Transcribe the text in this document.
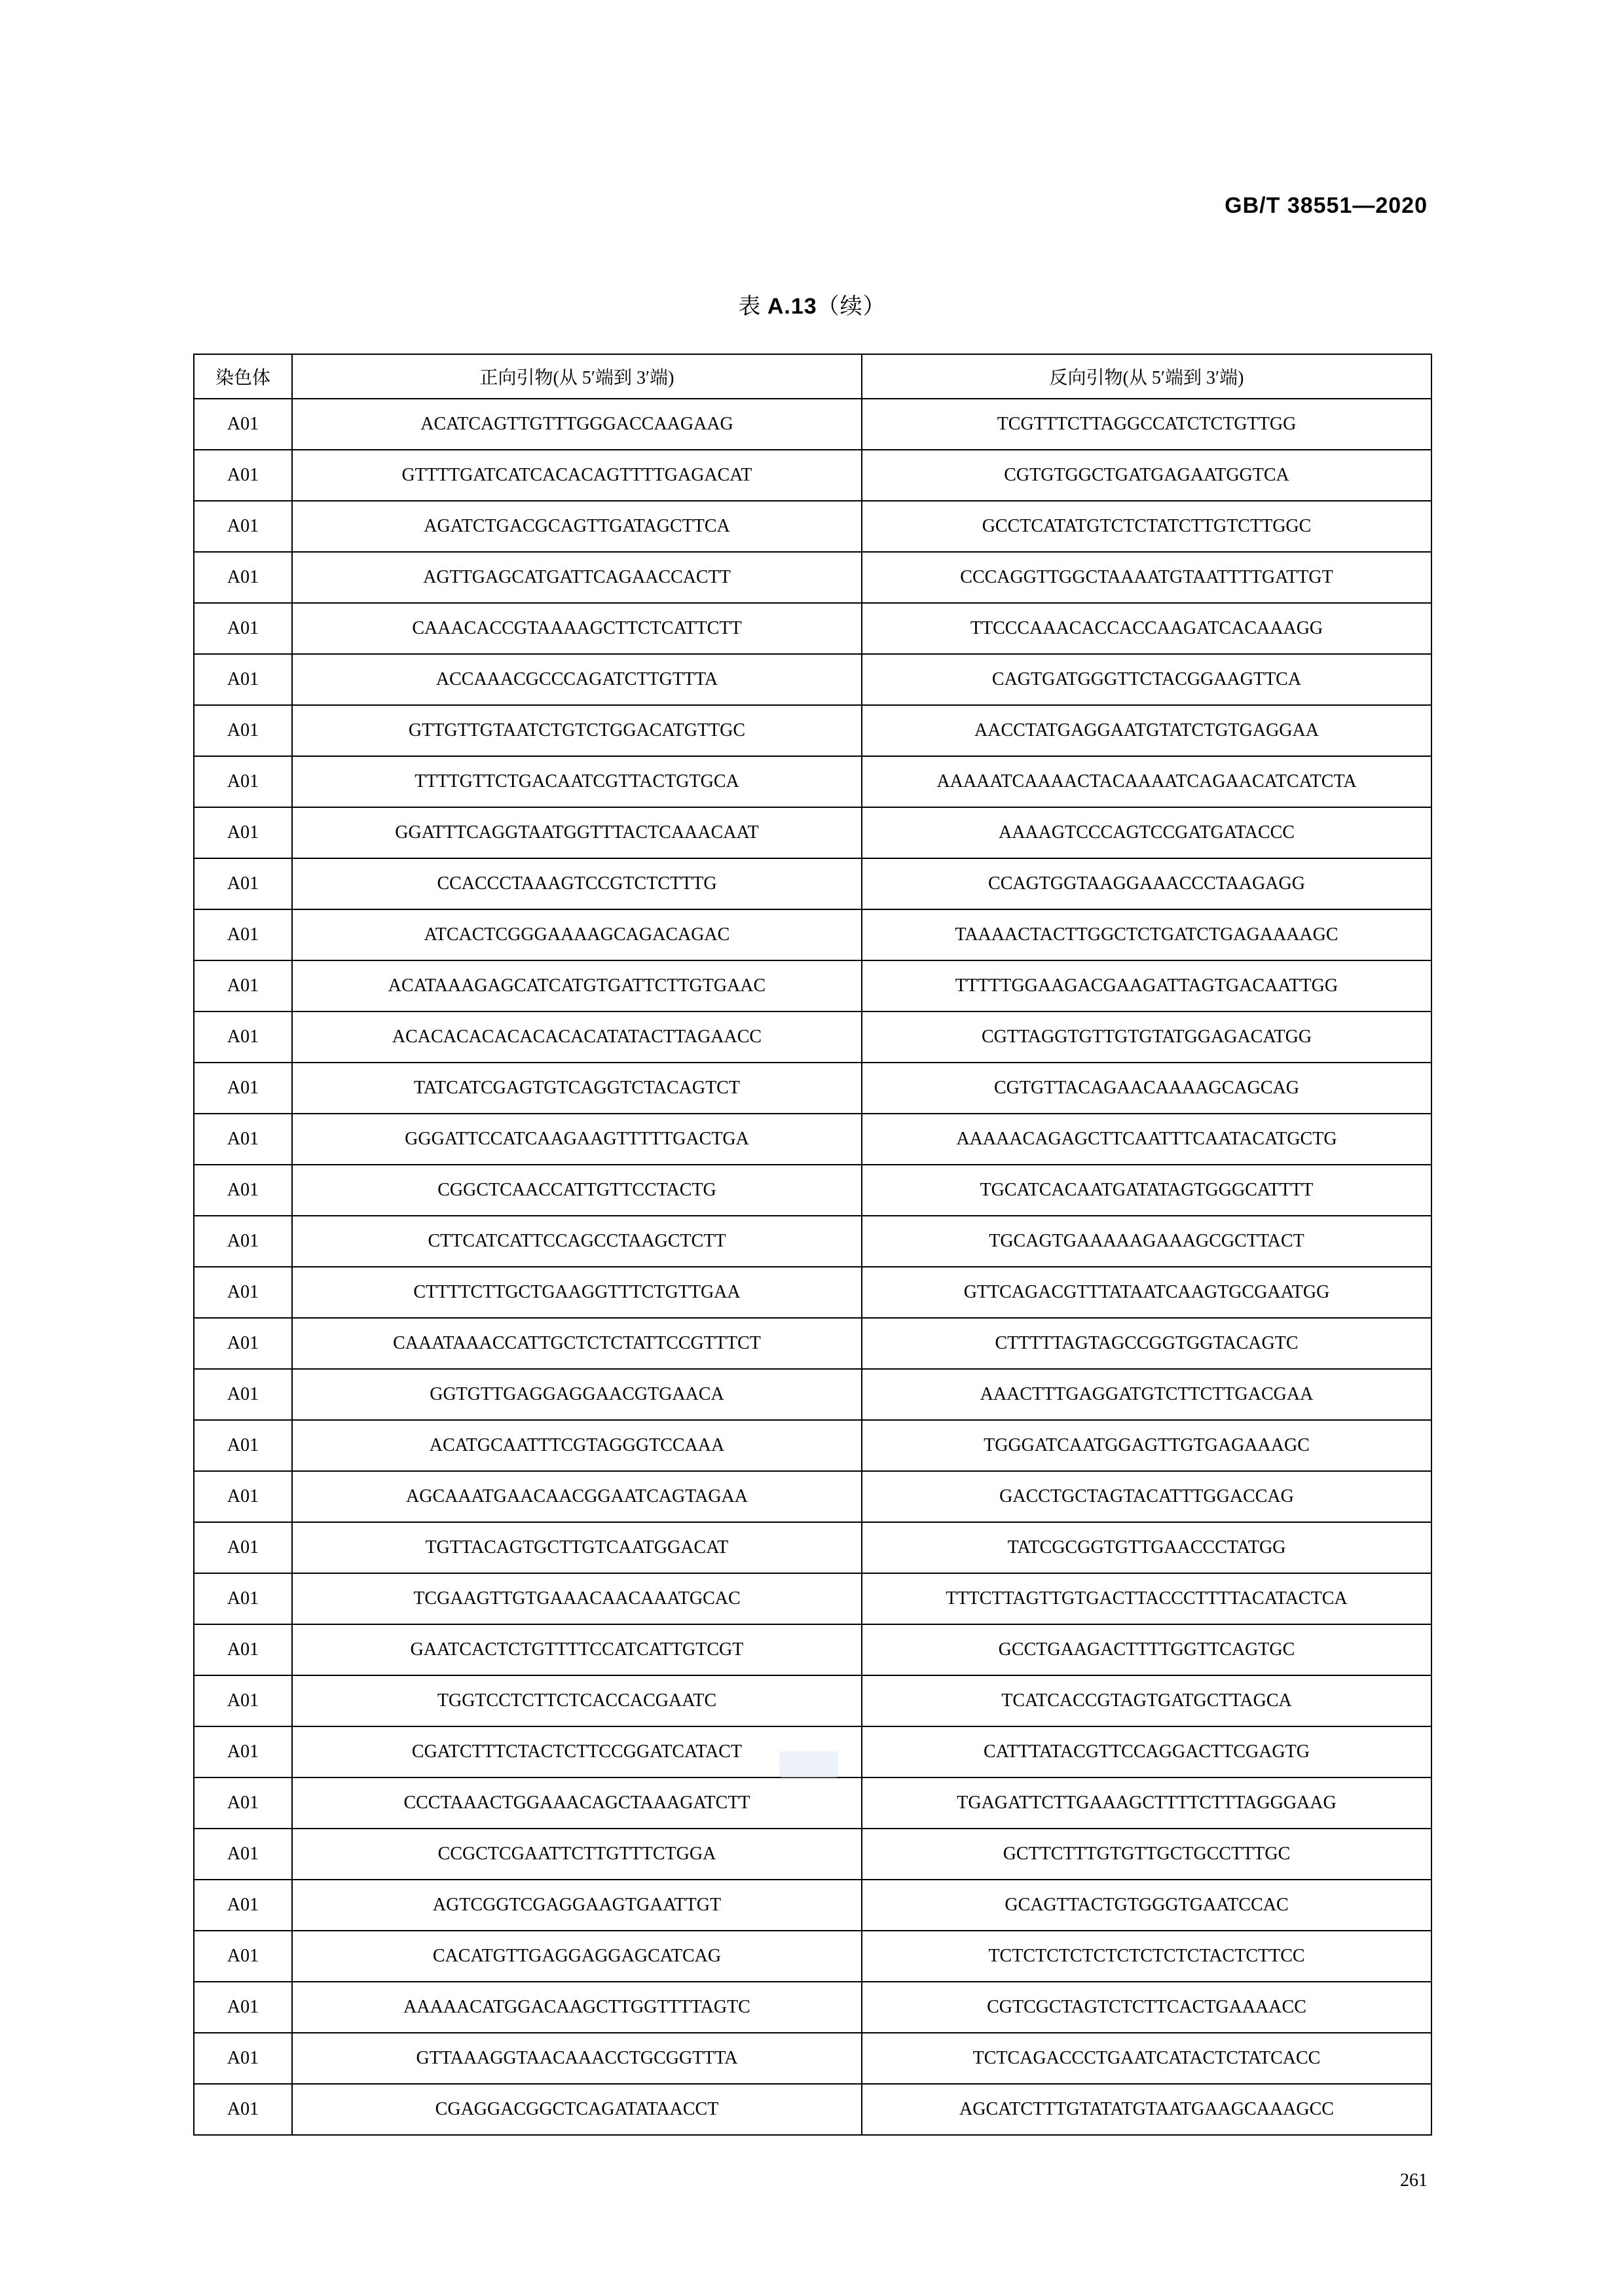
GB/T 38551—2020
表 A.13（续）
染色体	正向引物(从 5′端到 3′端)	反向引物(从 5′端到 3′端)
A01	ACATCAGTTGTTTGGGACCAAGAAG	TCGTTTCTTAGGCCATCTCTGTTGG
A01	GTTTTGATCATCACACAGTTTTGAGACAT	CGTGTGGCTGATGAGAATGGTCA
A01	AGATCTGACGCAGTTGATAGCTTCA	GCCTCATATGTCTCTATCTTGTCTTGGC
A01	AGTTGAGCATGATTCAGAACCACTT	CCCAGGTTGGCTAAAATGTAATTTTGATTGT
A01	CAAACACCGTAAAAGCTTCTCATTCTT	TTCCCAAACACCACCAAGATCACAAAGG
A01	ACCAAACGCCCAGATCTTGTTTA	CAGTGATGGGTTCTACGGAAGTTCA
A01	GTTGTTGTAATCTGTCTGGACATGTTGC	AACCTATGAGGAATGTATCTGTGAGGAA
A01	TTTTGTTCTGACAATCGTTACTGTGCA	AAAAATCAAAACTACAAAATCAGAACATCATCTA
A01	GGATTTCAGGTAATGGTTTACTCAAACAAT	AAAAGTCCCAGTCCGATGATACCC
A01	CCACCCTAAAGTCCGTCTCTTTG	CCAGTGGTAAGGAAACCCTAAGAGG
A01	ATCACTCGGGAAAAGCAGACAGAC	TAAAACTACTTGGCTCTGATCTGAGAAAAGC
A01	ACATAAAGAGCATCATGTGATTCTTGTGAAC	TTTTTGGAAGACGAAGATTAGTGACAATTGG
A01	ACACACACACACACACATATACTTAGAACC	CGTTAGGTGTTGTGTATGGAGACATGG
A01	TATCATCGAGTGTCAGGTCTACAGTCT	CGTGTTACAGAACAAAAGCAGCAG
A01	GGGATTCCATCAAGAAGTTTTTGACTGA	AAAAACAGAGCTTCAATTTCAATACATGCTG
A01	CGGCTCAACCATTGTTCCTACTG	TGCATCACAATGATATAGTGGGCATTTT
A01	CTTCATCATTCCAGCCTAAGCTCTT	TGCAGTGAAAAAGAAAGCGCTTACT
A01	CTTTTCTTGCTGAAGGTTTCTGTTGAA	GTTCAGACGTTTATAATCAAGTGCGAATGG
A01	CAAATAAACCATTGCTCTCTATTCCGTTTCT	CTTTTTAGTAGCCGGTGGTACAGTC
A01	GGTGTTGAGGAGGAACGTGAACA	AAACTTTGAGGATGTCTTCTTGACGAA
A01	ACATGCAATTTCGTAGGGTCCAAA	TGGGATCAATGGAGTTGTGAGAAAGC
A01	AGCAAATGAACAACGGAATCAGTAGAA	GACCTGCTAGTACATTTGGACCAG
A01	TGTTACAGTGCTTGTCAATGGACAT	TATCGCGGTGTTGAACCCTATGG
A01	TCGAAGTTGTGAAACAACAAATGCAC	TTTCTTAGTTGTGACTTACCCTTTTACATACTCA
A01	GAATCACTCTGTTTTCCATCATTGTCGT	GCCTGAAGACTTTTGGTTCAGTGC
A01	TGGTCCTCTTCTCACCACGAATC	TCATCACCGTAGTGATGCTTAGCA
A01	CGATCTTTCTACTCTTCCGGATCATACT	CATTTATACGTTCCAGGACTTCGAGTG
A01	CCCTAAACTGGAAACAGCTAAAGATCTT	TGAGATTCTTGAAAGCTTTTCTTTAGGGAAG
A01	CCGCTCGAATTCTTGTTTCTGGA	GCTTCTTTGTGTTGCTGCCTTTGC
A01	AGTCGGTCGAGGAAGTGAATTGT	GCAGTTACTGTGGGTGAATCCAC
A01	CACATGTTGAGGAGGAGCATCAG	TCTCTCTCTCTCTCTCTCTACTCTTCC
A01	AAAAACATGGACAAGCTTGGTTTTAGTC	CGTCGCTAGTCTCTTCACTGAAAACC
A01	GTTAAAGGTAACAAACCTGCGGTTTA	TCTCAGACCCTGAATCATACTCTATCACC
A01	CGAGGACGGCTCAGATATAACCT	AGCATCTTTGTATATGTAATGAAGCAAAGCC
261
